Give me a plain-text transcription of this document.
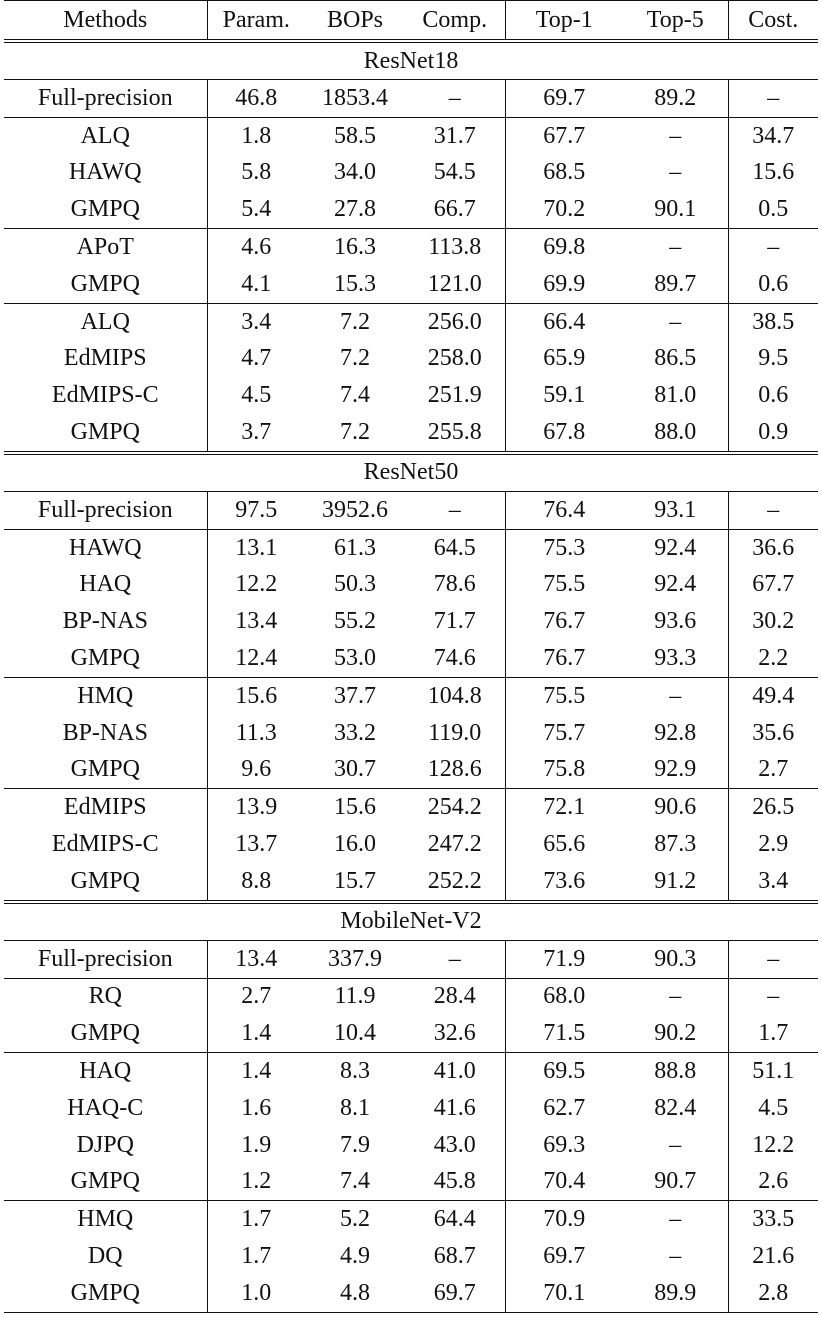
Methods	Param.	BOPs	Comp.	Top-1	Top-5	Cost.
ResNet18						
Full-precision	46.8	1853.4	–	69.7	89.2	–
ALQ	1.8	58.5	31.7	67.7	–	34.7
HAWQ	5.8	34.0	54.5	68.5	–	15.6
GMPQ	5.4	27.8	66.7	70.2	90.1	0.5
APoT	4.6	16.3	113.8	69.8	–	–
GMPQ	4.1	15.3	121.0	69.9	89.7	0.6
ALQ	3.4	7.2	256.0	66.4	–	38.5
EdMIPS	4.7	7.2	258.0	65.9	86.5	9.5
EdMIPS-C	4.5	7.4	251.9	59.1	81.0	0.6
GMPQ	3.7	7.2	255.8	67.8	88.0	0.9
ResNet50						
Full-precision	97.5	3952.6	–	76.4	93.1	–
HAWQ	13.1	61.3	64.5	75.3	92.4	36.6
HAQ	12.2	50.3	78.6	75.5	92.4	67.7
BP-NAS	13.4	55.2	71.7	76.7	93.6	30.2
GMPQ	12.4	53.0	74.6	76.7	93.3	2.2
HMQ	15.6	37.7	104.8	75.5	–	49.4
BP-NAS	11.3	33.2	119.0	75.7	92.8	35.6
GMPQ	9.6	30.7	128.6	75.8	92.9	2.7
EdMIPS	13.9	15.6	254.2	72.1	90.6	26.5
EdMIPS-C	13.7	16.0	247.2	65.6	87.3	2.9
GMPQ	8.8	15.7	252.2	73.6	91.2	3.4
MobileNet-V2						
Full-precision	13.4	337.9	–	71.9	90.3	–
RQ	2.7	11.9	28.4	68.0	–	–
GMPQ	1.4	10.4	32.6	71.5	90.2	1.7
HAQ	1.4	8.3	41.0	69.5	88.8	51.1
HAQ-C	1.6	8.1	41.6	62.7	82.4	4.5
DJPQ	1.9	7.9	43.0	69.3	–	12.2
GMPQ	1.2	7.4	45.8	70.4	90.7	2.6
HMQ	1.7	5.2	64.4	70.9	–	33.5
DQ	1.7	4.9	68.7	69.7	–	21.6
GMPQ	1.0	4.8	69.7	70.1	89.9	2.8
